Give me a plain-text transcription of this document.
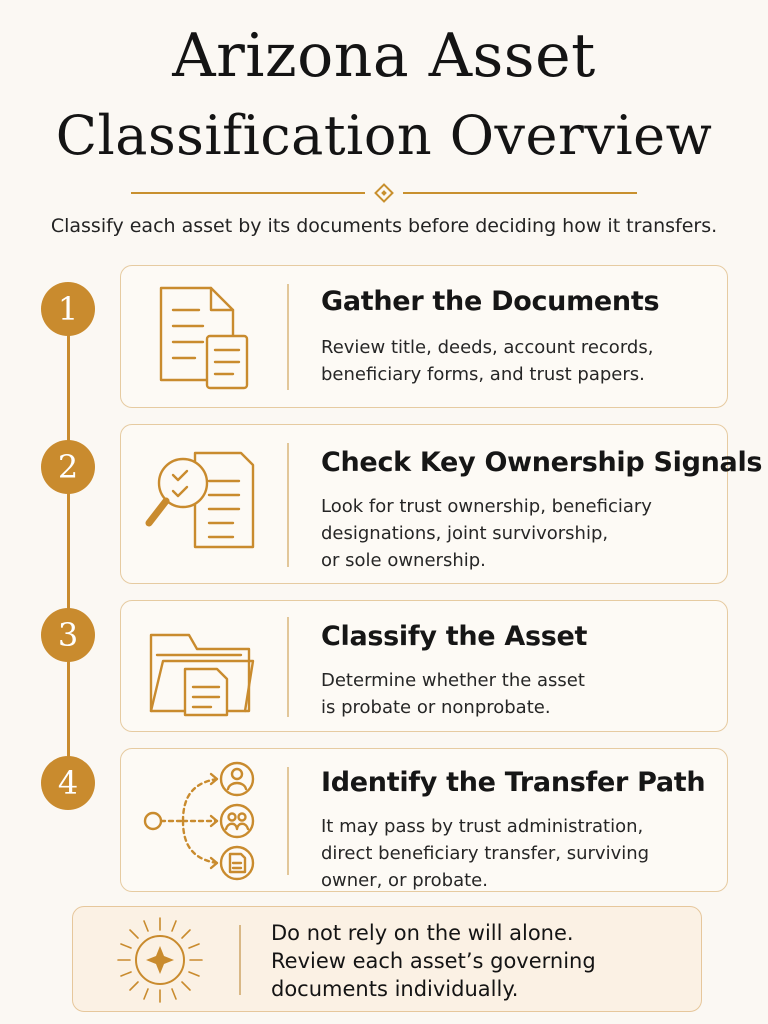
Arizona Asset
Classification Overview
Classify each asset by its documents before deciding how it transfers.
1	Gather the Documents

Review title, deeds, account records,
beneficiary forms, and trust papers.

2	Check Key Ownership Signals

Look for trust ownership, beneficiary
designations, joint survivorship,
or sole ownership.

3	Classify the Asset

Determine whether the asset
is probate or nonprobate.

4	Identify the Transfer Path

It may pass by trust administration,
direct beneficiary transfer, surviving
owner, or probate.

Do not rely on the will alone.
Review each asset’s governing
documents individually.
